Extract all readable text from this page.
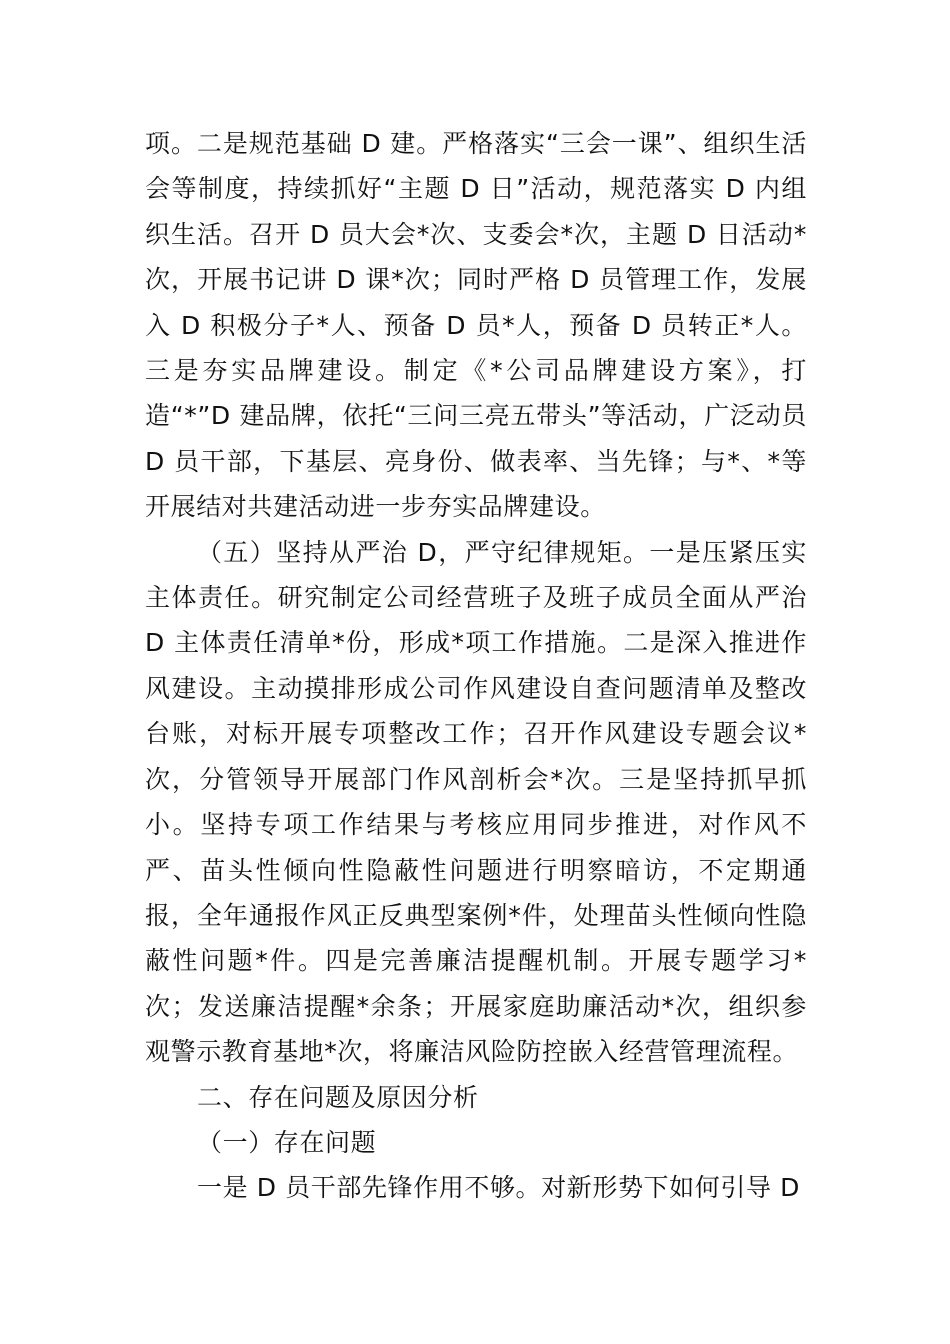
项。二是规范基础 D 建。严格落实“三会一课”、组织生活会等制度，持续抓好“主题 D 日”活动，规范落实 D 内组织生活。召开 D 员大会*次、支委会*次，主题 D 日活动*次，开展书记讲 D 课*次；同时严格 D 员管理工作，发展入 D 积极分子*人、预备 D 员*人，预备 D 员转正*人。三是夯实品牌建设。制定《*公司品牌建设方案》，打造“*”D 建品牌，依托“三问三亮五带头”等活动，广泛动员 D 员干部，下基层、亮身份、做表率、当先锋；与*、*等开展结对共建活动进一步夯实品牌建设。

（五）坚持从严治 D，严守纪律规矩。一是压紧压实主体责任。研究制定公司经营班子及班子成员全面从严治 D 主体责任清单*份，形成*项工作措施。二是深入推进作风建设。主动摸排形成公司作风建设自查问题清单及整改台账，对标开展专项整改工作；召开作风建设专题会议*次，分管领导开展部门作风剖析会*次。三是坚持抓早抓小。坚持专项工作结果与考核应用同步推进，对作风不严、苗头性倾向性隐蔽性问题进行明察暗访，不定期通报，全年通报作风正反典型案例*件，处理苗头性倾向性隐蔽性问题*件。四是完善廉洁提醒机制。开展专题学习*次；发送廉洁提醒*余条；开展家庭助廉活动*次，组织参观警示教育基地*次，将廉洁风险防控嵌入经营管理流程。

二、存在问题及原因分析

（一）存在问题

一是 D 员干部先锋作用不够。对新形势下如何引导 D
